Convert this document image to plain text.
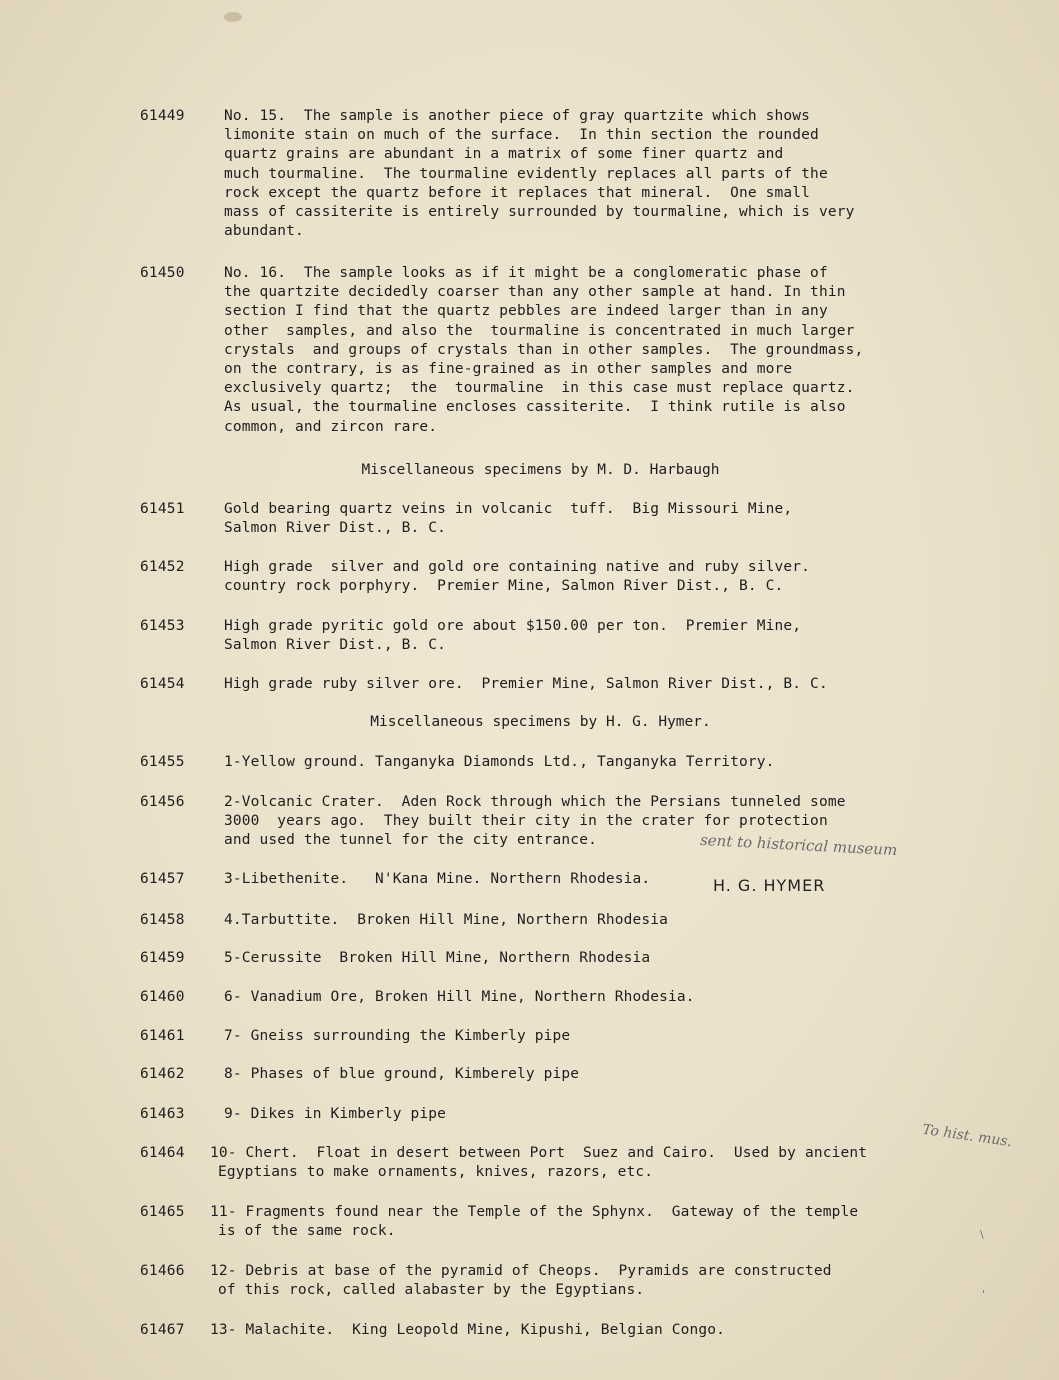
61449	No. 15.  The sample is another piece of gray quartzite which shows
limonite stain on much of the surface.  In thin section the rounded
quartz grains are abundant in a matrix of some finer quartz and
much tourmaline.  The tourmaline evidently replaces all parts of the
rock except the quartz before it replaces that mineral.  One small
mass of cassiterite is entirely surrounded by tourmaline, which is very
abundant.
61450	No. 16.  The sample looks as if it might be a conglomeratic phase of
the quartzite decidedly coarser than any other sample at hand. In thin
section I find that the quartz pebbles are indeed larger than in any
other  samples, and also the  tourmaline is concentrated in much larger
crystals  and groups of crystals than in other samples.  The groundmass,
on the contrary, is as fine-grained as in other samples and more
exclusively quartz;  the  tourmaline  in this case must replace quartz.
As usual, the tourmaline encloses cassiterite.  I think rutile is also
common, and zircon rare.
Miscellaneous specimens by M. D. Harbaugh
61451	Gold bearing quartz veins in volcanic  tuff.  Big Missouri Mine,
Salmon River Dist., B. C.
61452	High grade  silver and gold ore containing native and ruby silver.
country rock porphyry.  Premier Mine, Salmon River Dist., B. C.
61453	High grade pyritic gold ore about $150.00 per ton.  Premier Mine,
Salmon River Dist., B. C.
61454	High grade ruby silver ore.  Premier Mine, Salmon River Dist., B. C.
Miscellaneous specimens by H. G. Hymer.
61455	1-Yellow ground. Tanganyka Diamonds Ltd., Tanganyka Territory.
61456	2-Volcanic Crater.  Aden Rock through which the Persians tunneled some
3000  years ago.  They built their city in the crater for protection
and used the tunnel for the city entrance.	sent to historical museum
61457	3-Libethenite.   N'Kana Mine. Northern Rhodesia.	H. G. HYMER
61458	4.Tarbuttite.  Broken Hill Mine, Northern Rhodesia
61459	5-Cerussite  Broken Hill Mine, Northern Rhodesia
61460	6- Vanadium Ore, Broken Hill Mine, Northern Rhodesia.
61461	7- Gneiss surrounding the Kimberly pipe
61462	8- Phases of blue ground, Kimberely pipe
61463	9- Dikes in Kimberly pipe
To hist. mus.
61464 10- Chert.  Float in desert between Port  Suez and Cairo.  Used by ancient
Egyptians to make ornaments, knives, razors, etc.
61465 11- Fragments found near the Temple of the Sphynx.  Gateway of the temple
is of the same rock.	\
61466 12- Debris at base of the pyramid of Cheops.  Pyramids are constructed
of this rock, called alabaster by the Egyptians.	'
61467 13- Malachite.  King Leopold Mine, Kipushi, Belgian Congo.
